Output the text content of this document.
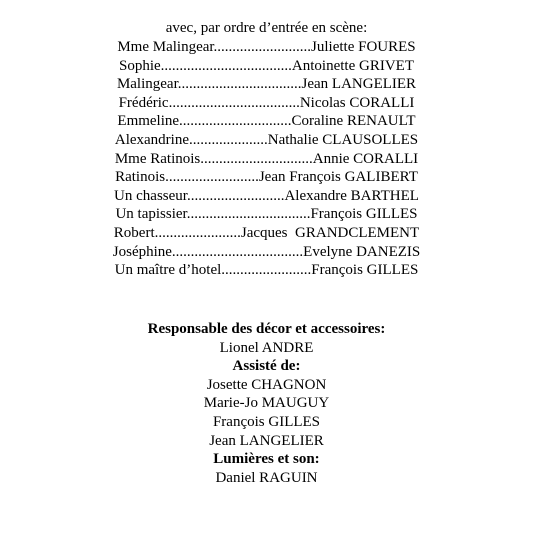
avec, par ordre d’entrée en scène:
Mme Malingear..........................Juliette FOURES
Sophie...................................Antoinette GRIVET
Malingear.................................Jean LANGELIER
Frédéric...................................Nicolas CORALLI
Emmeline..............................Coraline RENAULT
Alexandrine.....................Nathalie CLAUSOLLES
Mme Ratinois..............................Annie CORALLI
Ratinois.........................Jean François GALIBERT
Un chasseur..........................Alexandre BARTHEL
Un tapissier.................................François GILLES
Robert.......................Jacques  GRANDCLEMENT
Joséphine...................................Evelyne DANEZIS
Un maître d’hotel........................François GILLES
Responsable des décor et accessoires:
Lionel ANDRE
Assisté de:
Josette CHAGNON
Marie-Jo MAUGUY
François GILLES
Jean LANGELIER
Lumières et son:
Daniel RAGUIN
